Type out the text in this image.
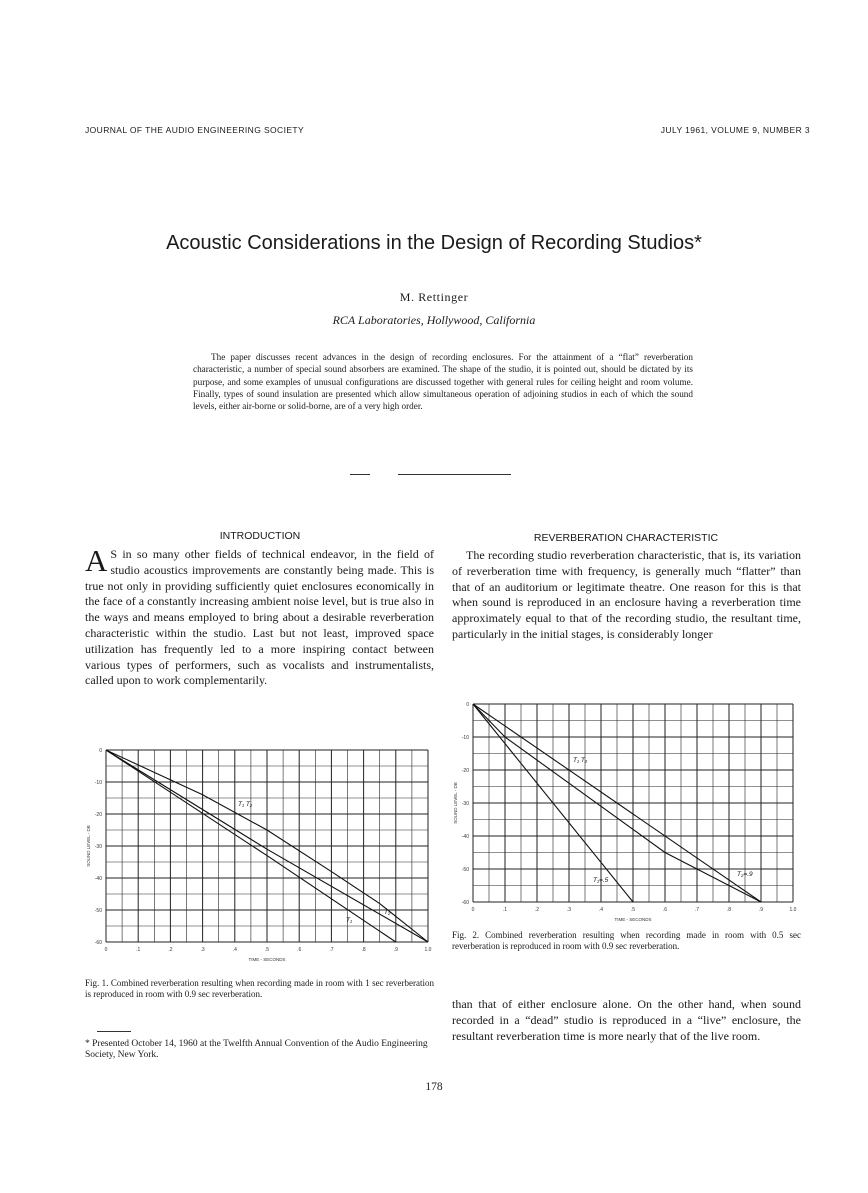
JOURNAL OF THE AUDIO ENGINEERING SOCIETY	JULY 1961, VOLUME 9, NUMBER 3
Acoustic Considerations in the Design of Recording Studios*
M. Rettinger
RCA Laboratories, Hollywood, California
The paper discusses recent advances in the design of recording enclosures. For the attainment of a “flat” reverberation characteristic, a number of special sound absorbers are examined. The shape of the studio, it is pointed out, should be dictated by its purpose, and some examples of unusual configurations are discussed together with general rules for ceiling height and room volume. Finally, types of sound insulation are presented which allow simultaneous operation of adjoining studios in each of which the sound levels, either air-borne or solid-borne, are of a very high order.
INTRODUCTION
A S in so many other fields of technical endeavor, in the field of studio acoustics improvements are constantly being made. This is true not only in providing sufficiently quiet enclosures economically in the face of a constantly increasing ambient noise level, but is true also in the ways and means employed to bring about a desirable reverberation characteristic within the studio. Last but not least, improved space utilization has frequently led to a more inspiring contact between various types of performers, such as vocalists and instrumentalists, called upon to work complementarily.
REVERBERATION CHARACTERISTIC
The recording studio reverberation characteristic, that is, its variation of reverberation time with frequency, is generally much “flatter” than that of an auditorium or legitimate theatre. One reason for this is that when sound is reproduced in an enclosure having a reverberation time approximately equal to that of the recording studio, the resultant time, particularly in the initial stages, is considerably longer
0	.1	.2	.3	.4	.5	.6	.7	.8	.9	1.0
0
-10
-20
-30
-40
-50
-60
TIME - SECONDS
SOUND LEVEL - DB
T₁ T₂
T₁
T₂
Fig. 1. Combined reverberation resulting when recording made in room with 1 sec reverberation is reproduced in room with 0.9 sec reverberation.
0	.1	.2	.3	.4	.5	.6	.7	.8	.9	1.0
0
-10
-20
-30
-40
-50
-60
TIME - SECONDS
SOUND LEVEL - DB
T₁ T₂
T₂=.9
T₁=.5
Fig. 2. Combined reverberation resulting when recording made in room with 0.5 sec reverberation is reproduced in room with 0.9 sec reverberation.
than that of either enclosure alone. On the other hand, when sound recorded in a “dead” studio is reproduced in a “live” enclosure, the resultant reverberation time is more nearly that of the live room.
* Presented October 14, 1960 at the Twelfth Annual Convention of the Audio Engineering Society, New York.
178
